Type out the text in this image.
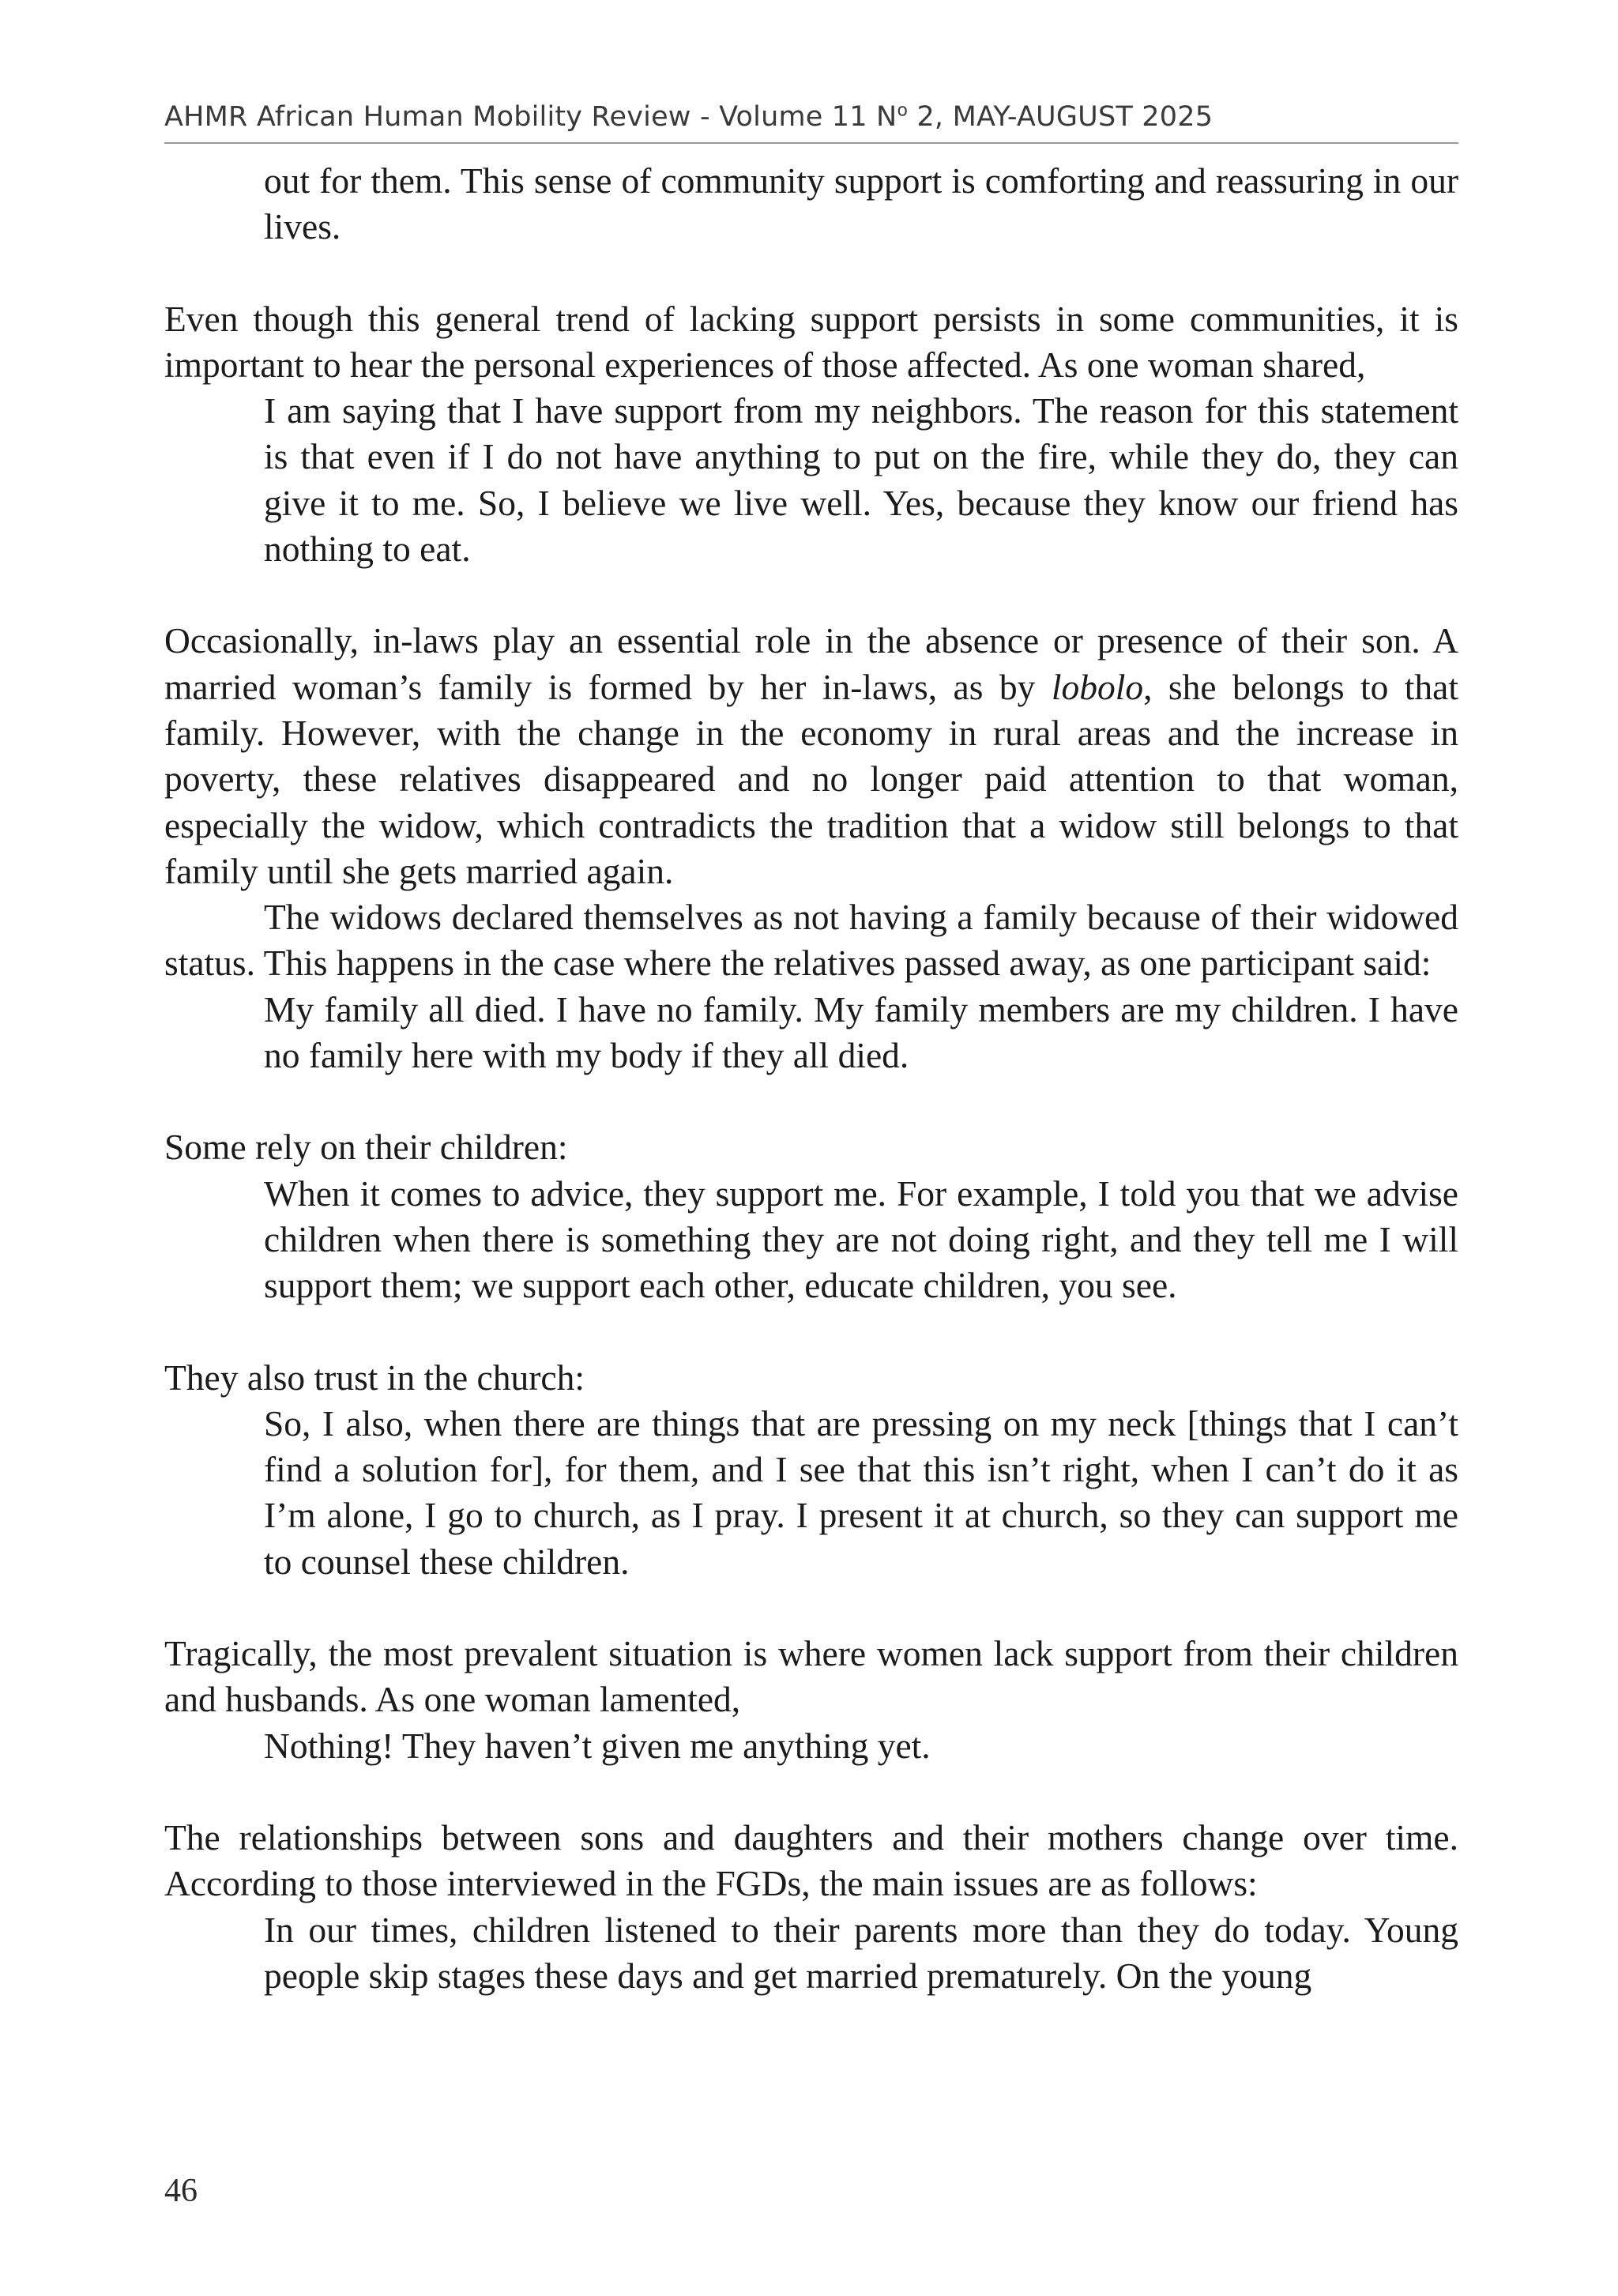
AHMR African Human Mobility Review - Volume 11 $N^o$ 2, MAY-AUGUST 2025

out for them. This sense of community support is comforting and reassuring in our lives.

Even though this general trend of lacking support persists in some communities, it is important to hear the personal experiences of those affected. As one woman shared,

I am saying that I have support from my neighbors. The reason for this statement is that even if I do not have anything to put on the fire, while they do, they can give it to me. So, I believe we live well. Yes, because they know our friend has nothing to eat.

Occasionally, in-laws play an essential role in the absence or presence of their son. A married woman’s family is formed by her in-laws, as by lobolo, she belongs to that family. However, with the change in the economy in rural areas and the increase in poverty, these relatives disappeared and no longer paid attention to that woman, especially the widow, which contradicts the tradition that a widow still belongs to that family until she gets married again.

The widows declared themselves as not having a family because of their widowed status. This happens in the case where the relatives passed away, as one participant said:

My family all died. I have no family. My family members are my children. I have no family here with my body if they all died.

Some rely on their children:

When it comes to advice, they support me. For example, I told you that we advise children when there is something they are not doing right, and they tell me I will support them; we support each other, educate children, you see.

They also trust in the church:

So, I also, when there are things that are pressing on my neck [things that I can’t find a solution for], for them, and I see that this isn’t right, when I can’t do it as I’m alone, I go to church, as I pray. I present it at church, so they can support me to counsel these children.

Tragically, the most prevalent situation is where women lack support from their children and husbands. As one woman lamented,

Nothing! They haven’t given me anything yet.

The relationships between sons and daughters and their mothers change over time. According to those interviewed in the FGDs, the main issues are as follows:

In our times, children listened to their parents more than they do today. Young people skip stages these days and get married prematurely. On the young

46
